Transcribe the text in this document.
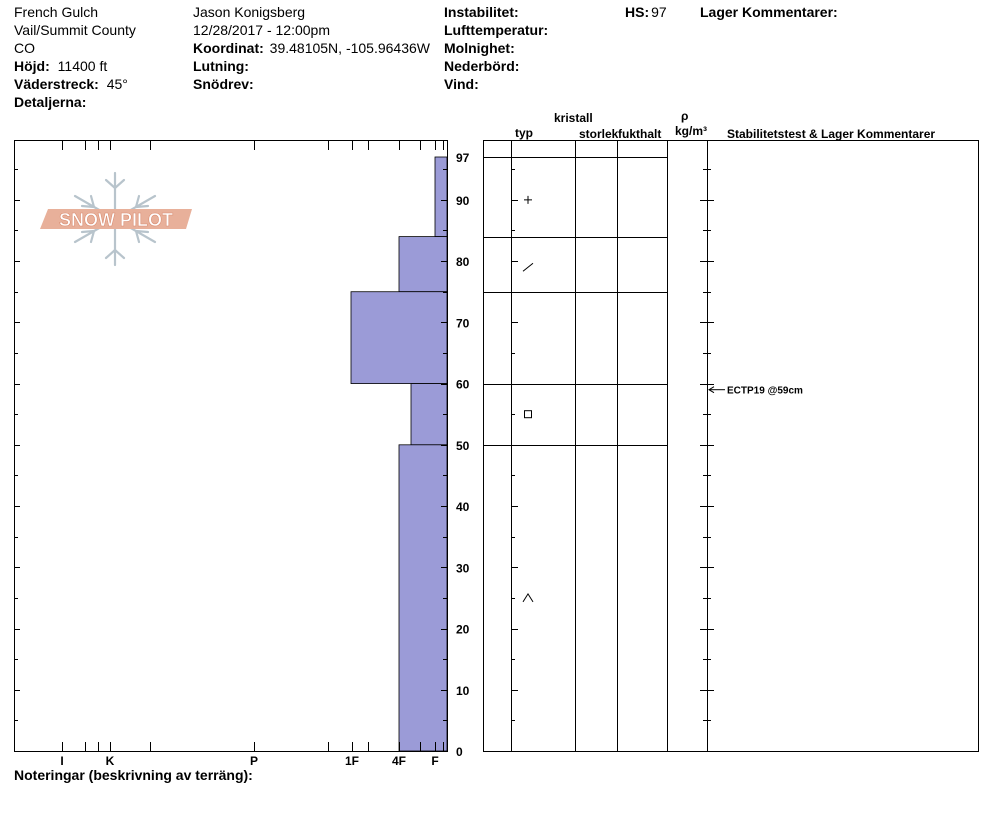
French Gulch
Vail/Summit County
CO
Höjd: 11400 ft
Väderstreck: 45°
Detaljerna:
Jason Konigsberg
12/28/2017 - 12:00pm
Koordinat: 39.48105N, -105.96436W
Lutning:
Snödrev:
Instabilitet:
Lufttemperatur:
Molnighet:
Nederbörd:
Vind:
HS: 97 Lager Kommentarer:
kristall
typ	storlek fukthalt
ρ
kg/m³ Stabilitetstest & Lager Kommentarer
SNOW PILOT
I	K	P	1F	4F F
0
10
20
30
40
50
60
70
80
90
97
ECTP19 @59cm
Noteringar (beskrivning av terräng):
